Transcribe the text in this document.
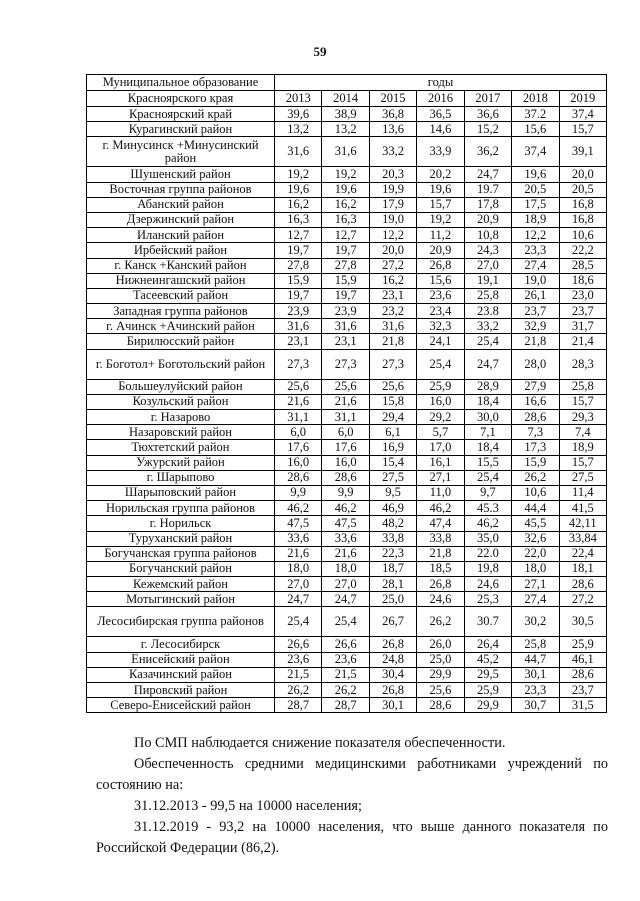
59
Муниципальное образование	годы						
Красноярского края	2013	2014	2015	2016	2017	2018	2019
Красноярский край	39,6	38,9	36,8	36,5	36,6	37.2	37,4
Курагинский район	13,2	13,2	13,6	14,6	15,2	15,6	15,7
г. Минусинск +Минусинский район	31,6	31,6	33,2	33,9	36,2	37,4	39,1
Шушенский район	19,2	19,2	20,3	20,2	24,7	19,6	20,0
Восточная группа районов	19,6	19,6	19,9	19,6	19.7	20,5	20,5
Абанский район	16,2	16,2	17,9	15,7	17,8	17,5	16,8
Дзержинский район	16,3	16,3	19,0	19,2	20,9	18,9	16,8
Иланский район	12,7	12,7	12,2	11,2	10,8	12,2	10,6
Ирбейский район	19,7	19,7	20,0	20,9	24,3	23,3	22,2
г. Канск +Канский район	27,8	27,8	27,2	26,8	27,0	27,4	28,5
Нижнеингашский район	15,9	15,9	16,2	15,6	19,1	19,0	18,6
Тасеевский район	19,7	19,7	23,1	23,6	25,8	26,1	23,0
Западная группа районов	23,9	23,9	23,2	23,4	23.8	23,7	23,7
г. Ачинск +Ачинский район	31,6	31,6	31,6	32,3	33,2	32,9	31,7
Бирилюсский район	23,1	23,1	21,8	24,1	25,4	21,8	21,4
г. Боготол+ Боготольский район	27,3	27,3	27,3	25,4	24,7	28,0	28,3
Большеулуйский район	25,6	25,6	25,6	25,9	28,9	27,9	25,8
Козульский район	21,6	21,6	15,8	16,0	18,4	16,6	15,7
г. Назарово	31,1	31,1	29,4	29,2	30,0	28,6	29,3
Назаровский район	6,0	6,0	6,1	5,7	7,1	7,3	7,4
Тюхтетский район	17,6	17,6	16,9	17,0	18,4	17,3	18,9
Ужурский район	16,0	16,0	15,4	16,1	15,5	15,9	15,7
г. Шарыпово	28,6	28,6	27,5	27,1	25,4	26,2	27,5
Шарыповский район	9,9	9,9	9,5	11,0	9,7	10,6	11,4
Норильская группа районов	46,2	46,2	46,9	46,2	45.3	44,4	41,5
г. Норильск	47,5	47,5	48,2	47,4	46,2	45,5	42,11
Туруханский район	33,6	33,6	33,8	33,8	35,0	32,6	33,84
Богучанская группа районов	21,6	21,6	22,3	21,8	22.0	22,0	22,4
Богучанский район	18,0	18,0	18,7	18,5	19,8	18,0	18,1
Кежемский район	27,0	27,0	28,1	26,8	24,6	27,1	28,6
Мотыгинский район	24,7	24,7	25,0	24,6	25,3	27,4	27,2
Лесосибирская группа районов	25,4	25,4	26,7	26,2	30.7	30,2	30,5
г. Лесосибирск	26,6	26,6	26,8	26,0	26,4	25,8	25,9
Енисейский район	23,6	23,6	24,8	25,0	45,2	44,7	46,1
Казачинский район	21,5	21,5	30,4	29,9	29,5	30,1	28,6
Пировский район	26,2	26,2	26,8	25,6	25,9	23,3	23,7
Северо-Енисейский район	28,7	28,7	30,1	28,6	29,9	30,7	31,5

По СМП наблюдается снижение показателя обеспеченности.

Обеспеченность средними медицинскими работниками учреждений по состоянию на:

31.12.2013 - 99,5 на 10000 населения;

31.12.2019 - 93,2 на 10000 населения, что выше данного показателя по Российской Федерации (86,2).
